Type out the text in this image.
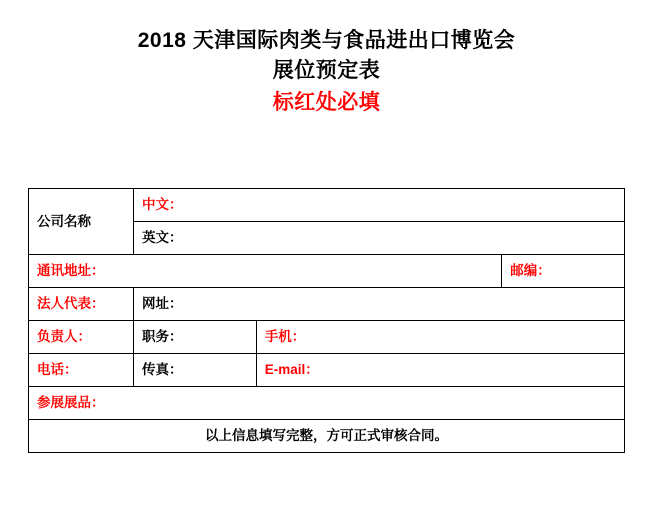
2018 天津国际肉类与食品进出口博览会
展位预定表
标红处必填
公司名称	中文：		
	英文：		
通讯地址：			邮编：
法人代表：	网址：		
负责人：	职务：	手机：	
电话：	传真：	E-mail：	
参展展品：			
以上信息填写完整，方可正式审核合同。			
